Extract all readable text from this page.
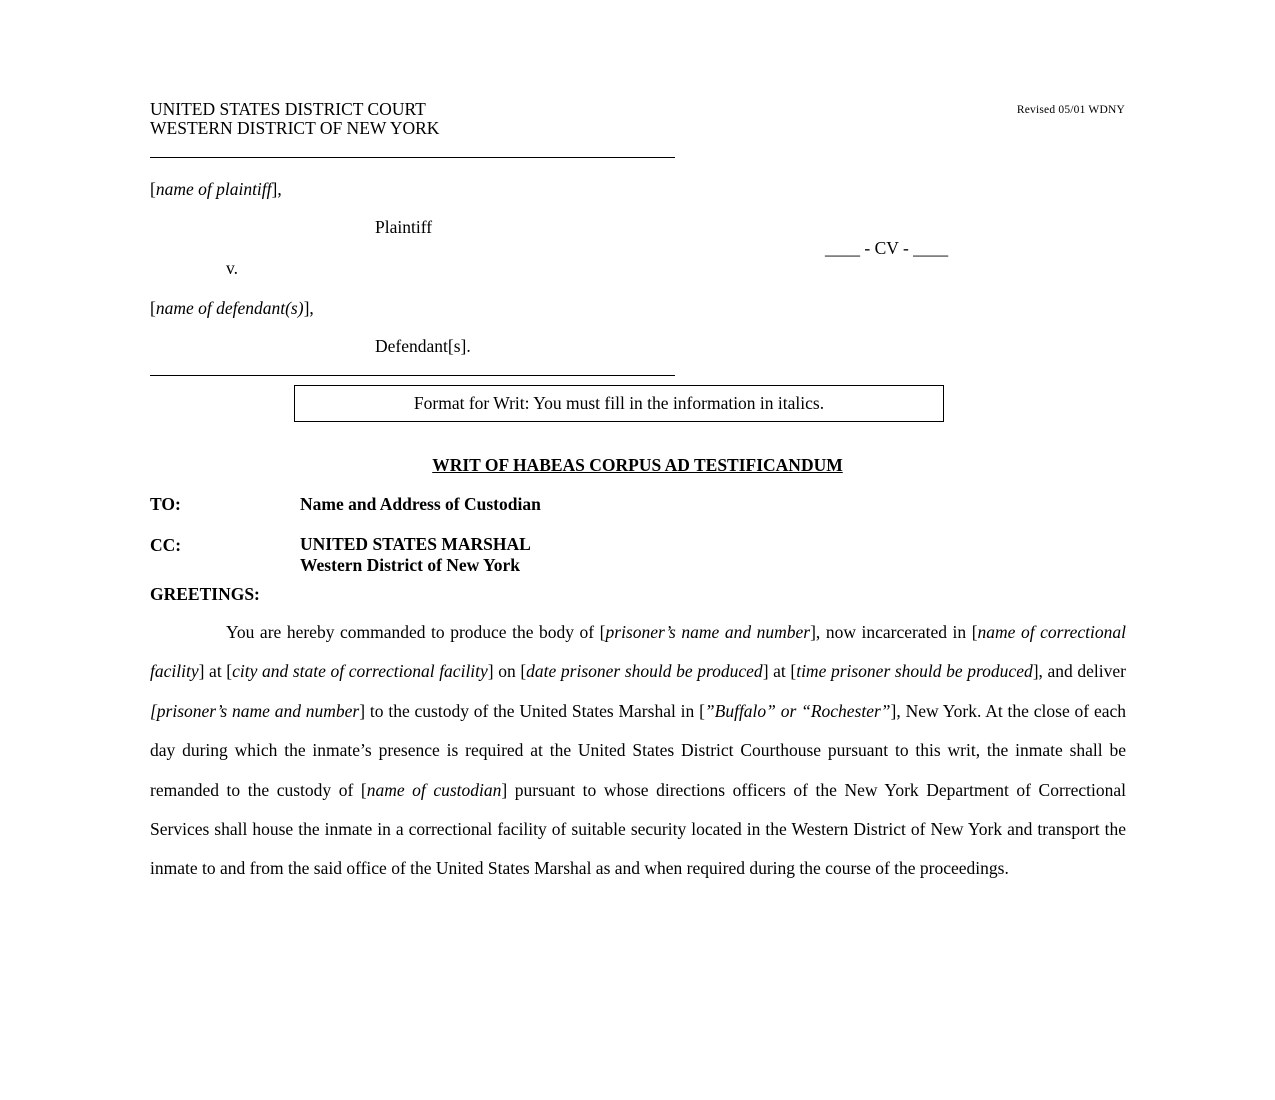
UNITED STATES DISTRICT COURT
WESTERN DISTRICT OF NEW YORK
Revised 05/01 WDNY
[name of plaintiff],
Plaintiff
____ - CV - ____
v.
[name of defendant(s)],
Defendant[s].
Format for Writ: You must fill in the information in italics.
WRIT OF HABEAS CORPUS AD TESTIFICANDUM
TO:	Name and Address of Custodian
CC:	UNITED STATES MARSHAL
Western District of New York
GREETINGS:

You are hereby commanded to produce the body of [prisoner’s name and number], now incarcerated in [name of correctional facility] at [city and state of correctional facility] on [date prisoner should be produced] at [time prisoner should be produced], and deliver [prisoner’s name and number] to the custody of the United States Marshal in [”Buffalo” or “Rochester”], New York. At the close of each day during which the inmate’s presence is required at the United States District Courthouse pursuant to this writ, the inmate shall be remanded to the custody of [name of custodian] pursuant to whose directions officers of the New York Department of Correctional Services shall house the inmate in a correctional facility of suitable security located in the Western District of New York and transport the inmate to and from the said office of the United States Marshal as and when required during the course of the proceedings.
